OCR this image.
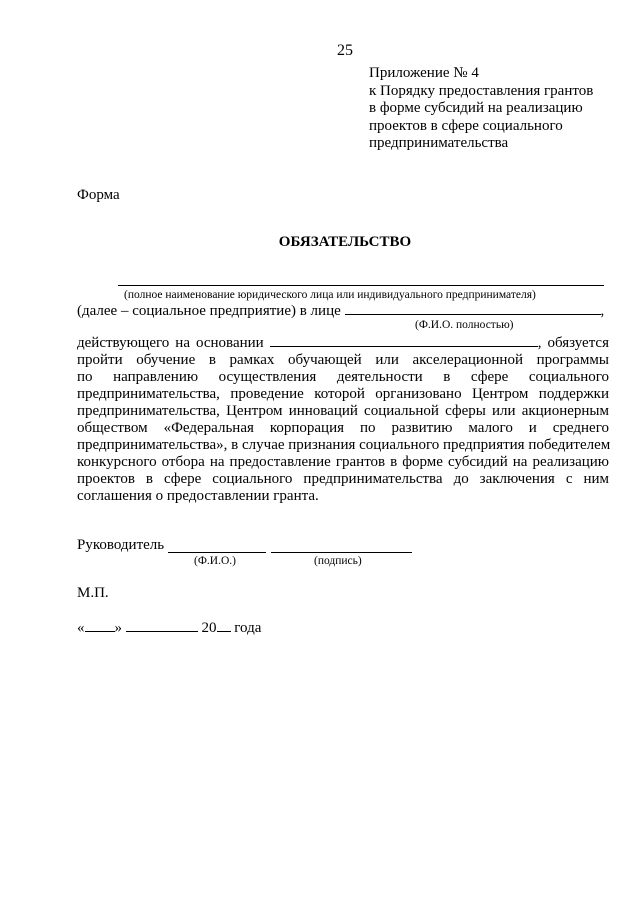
25
Приложение № 4
к Порядку предоставления грантов
в форме субсидий на реализацию
проектов в сфере социального
предпринимательства
Форма
ОБЯЗАТЕЛЬСТВО
(полное наименование юридического лица или индивидуального предпринимателя)
(далее – социальное предприятие) в лице	,
(Ф.И.О. полностью)
действующего на основании	, обязуется
пройти обучение в рамках обучающей или акселерационной программы
по направлению осуществления деятельности в сфере социального
предпринимательства, проведение которой организовано Центром поддержки
предпринимательства, Центром инноваций социальной сферы или акционерным
обществом «Федеральная корпорация по развитию малого и среднего
предпринимательства», в случае признания социального предприятия победителем
конкурсного отбора на предоставление грантов в форме субсидий на реализацию
проектов в сфере социального предпринимательства до заключения с ним
соглашения о предоставлении гранта.
Руководитель
(Ф.И.О.)	(подпись)
М.П.
« »	20 года
